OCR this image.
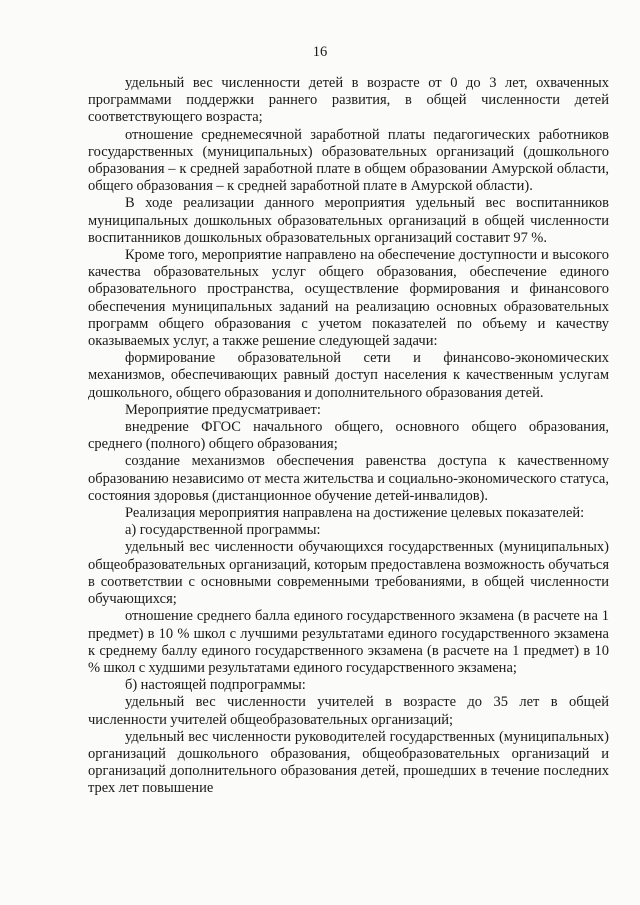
16

удельный вес численности детей в возрасте от 0 до 3 лет, охваченных программами поддержки раннего развития, в общей численности детей соответствующего возраста;

отношение среднемесячной заработной платы педагогических работников государственных (муниципальных) образовательных организаций (дошкольного образования – к средней заработной плате в общем образовании Амурской области, общего образования – к средней заработной плате в Амурской области).

В ходе реализации данного мероприятия удельный вес воспитанников муниципальных дошкольных образовательных организаций в общей численности воспитанников дошкольных образовательных организаций составит 97 %.

Кроме того, мероприятие направлено на обеспечение доступности и высокого качества образовательных услуг общего образования, обеспечение единого образовательного пространства, осуществление формирования и финансового обеспечения муниципальных заданий на реализацию основных образовательных программ общего образования с учетом показателей по объему и качеству оказываемых услуг, а также решение следующей задачи:

формирование образовательной сети и финансово-экономических механизмов, обеспечивающих равный доступ населения к качественным услугам дошкольного, общего образования и дополнительного образования детей.

Мероприятие предусматривает:

внедрение ФГОС начального общего, основного общего образования, среднего (полного) общего образования;

создание механизмов обеспечения равенства доступа к качественному образованию независимо от места жительства и социально-экономического статуса, состояния здоровья (дистанционное обучение детей-инвалидов).

Реализация мероприятия направлена на достижение целевых показателей:

а) государственной программы:

удельный вес численности обучающихся государственных (муниципальных) общеобразовательных организаций, которым предоставлена возможность обучаться в соответствии с основными современными требованиями, в общей численности обучающихся;

отношение среднего балла единого государственного экзамена (в расчете на 1 предмет) в 10 % школ с лучшими результатами единого государственного экзамена к среднему баллу единого государственного экзамена (в расчете на 1 предмет) в 10 % школ с худшими результатами единого государственного экзамена;

б) настоящей подпрограммы:

удельный вес численности учителей в возрасте до 35 лет в общей численности учителей общеобразовательных организаций;

удельный вес численности руководителей государственных (муниципальных) организаций дошкольного образования, общеобразовательных организаций и организаций дополнительного образования детей, прошедших в течение последних трех лет повышение
